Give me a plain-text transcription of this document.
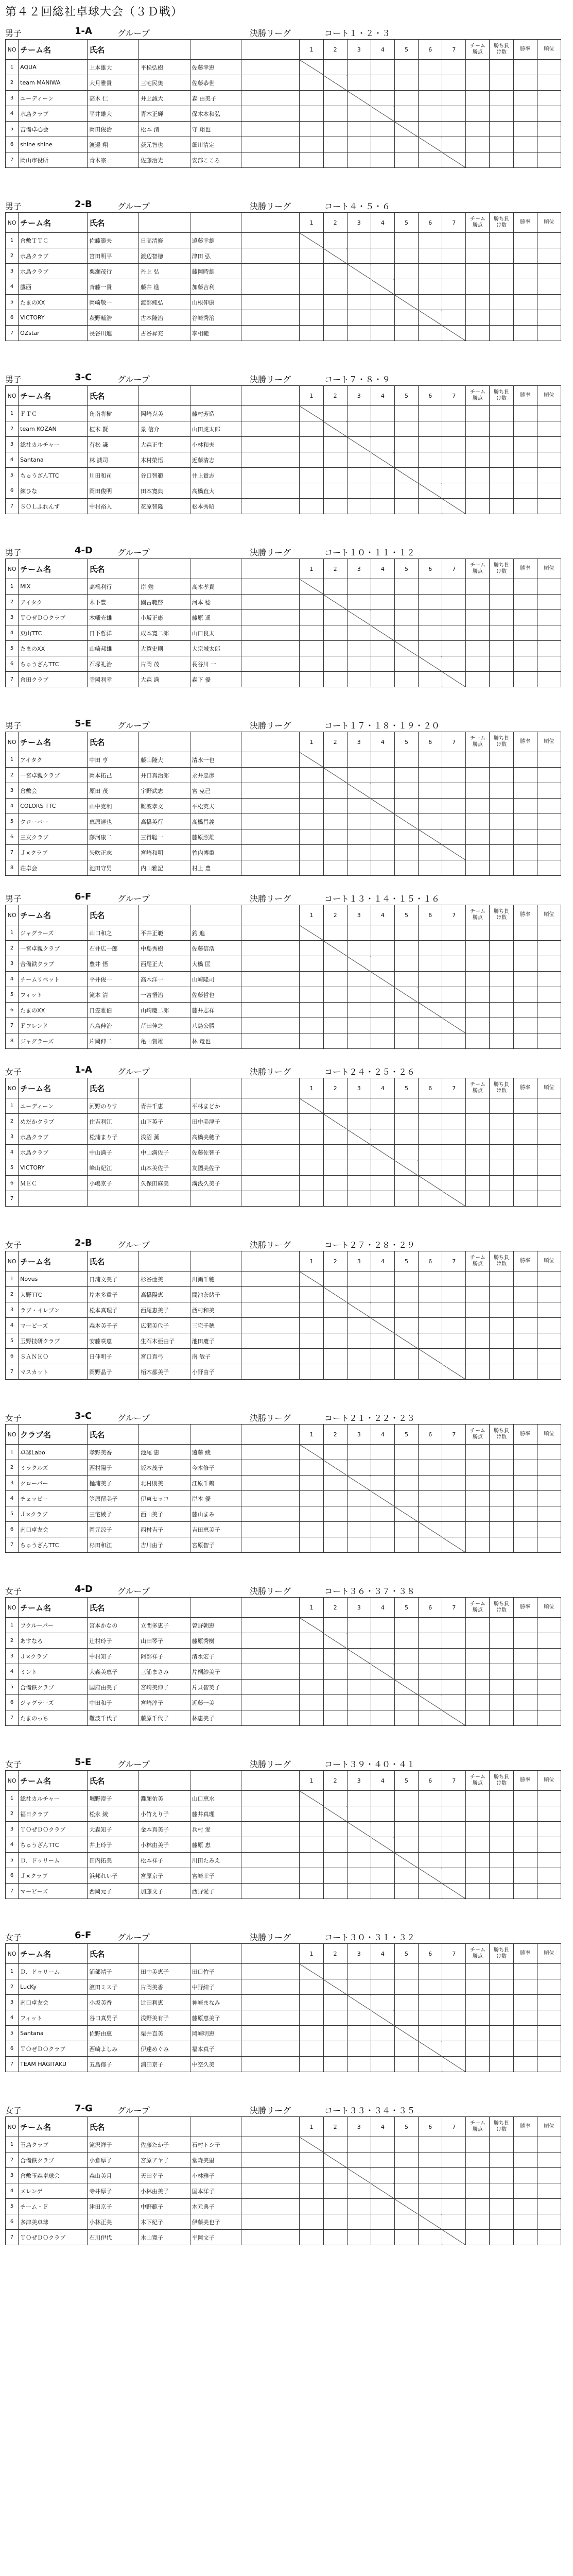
第４２回総社卓球大会（３Ｄ戦）
男子	1-A	グループ	決勝リーグ	コート１・２・３
NO	チーム名	氏名				1	2	3	4	5	6	7	チーム勝点	勝ち負け数	勝率	順位
1	AQUA	上本雄大	平松弘樹	佐藤幸恵												
2	team MANIWA	大月雅貴	三宅民奥	佐藤恭世												
3	ユーディーン	高木 仁	井上誠大	森 由美子												
4	水島クラブ	平井雄大	青木正輝	保木本和弘												
5	吉備卓心会	岡田俊治	松本 清	守 翔也												
6	shine shine	渡邊 翔	荻元智也	細川清定												
7	岡山市役所	青木宗一	佐藤治光	安部こころ												
男子	2-B	グループ	決勝リーグ	コート４・５・６
NO	チーム名	氏名				1	2	3	4	5	6	7	チーム勝点	勝ち負け数	勝率	順位
1	倉敷ＴＴＣ	佐藤範夫	日高清修	遠藤幸雄												
2	水島クラブ	宮田明平	渡辺智徳	津田 弘												
3	水島クラブ	栗瀬茂行	丹上 弘	藤岡時雄												
4	鷹西	斉藤一貴	藤井 進	加藤吉利												
5	たまのXX	岡崎敬一	渡部純弘	山根伸康												
6	VICTORY	萩野輔浩	古本隆治	谷崎秀治												
7	OZstar	長谷川進	古谷昇充	李相範												
男子	3-C	グループ	決勝リーグ	コート７・８・９
NO	チーム名	氏名				1	2	3	4	5	6	7	チーム勝点	勝ち負け数	勝率	順位
1	ＦＴＣ	角南将樹	岡崎克美	藤村芳造												
2	team KOZAN	植木 賢	景 信介	山田虎太郎												
3	総社カルチャー	有松 謙	大森正生	小林和夫												
4	Santana	林 誠司	木村榮悟	近藤清志												
5	ちゅうざんTTC	川田和司	谷口智範	井上貴志												
6	練ひな	岡田俊明	田本寛典	高橋直大												
7	ＳＯＬふれんず	中村裕人	花原智隆	松本秀昭												
男子	4-D	グループ	決勝リーグ	コート１０・１１・１２
NO	チーム名	氏名				1	2	3	4	5	6	7	チーム勝点	勝ち負け数	勝率	順位
1	MIX	高橋利行	岸 勉	高本孝貴												
2	アイタク	木下豊一	園古範啓	河本 稔												
3	ＴＯぜＤＯクラブ	木幡充雄	小坂正康	藤原 遥												
4	東山TTC	日下哲洋	成本寛二郎	山口良太												
5	たまのXX	山崎邦雄	大賀史則	大宗城太郎												
6	ちゅうざんTTC	石塚礼治	片岡 茂	長谷川 一												
7	倉田クラブ	寺岡利幸	大森 満	森下 優												
男子	5-E	グループ	決勝リーグ	コート１７・１８・１９・２０
NO	チーム名	氏名				1	2	3	4	5	6	7	チーム勝点	勝ち負け数	勝率	順位
1	アイタク	中田 亨	藤山隆大	清水一也												
2	一宮卓親クラブ	岡本拓己	井口真治郎	永井忠彦												
3	倉敷会	原田 茂	宇野武志	宮 克己												
4	COLORS TTC	山中克利	難波孝文	平松英夫												
5	クローバー	恵原達也	高橋英行	高橋昌義												
6	三友クラブ	藤河康二	三得聡一	藤原照雄												
7	Ｊ×クラブ	矢吹正志	宮崎和明	竹内博重												
8	荘卓会	池田守男	内山雅記	村上 豊												
男子	6-F	グループ	決勝リーグ	コート１３・１４・１５・１６
NO	チーム名	氏名				1	2	3	4	5	6	7	チーム勝点	勝ち負け数	勝率	順位
1	ジャグラーズ	山口和之	平井正範	釣 進												
2	一宮卓親クラブ	石井広一郎	中島秀樹	佐藤信浩												
3	合備鉄クラブ	豊井 悟	西尾正大	大橋 匡												
4	チームリベット	平井俊一	高木洋一	山崎隆司												
5	フィット	滝本 清	一宮悟治	佐藤哲也												
6	たまのXX	日笠雅伯	山崎慶二郎	藤井志祥												
7	Ｆフレンド	八島伸治	芹田伸之	八島公勝												
8	ジャグラーズ	片岡伸二	亀山賀雄	林 竜也												
女子	1-A	グループ	決勝リーグ	コート２４・２５・２６
NO	チーム名	氏名				1	2	3	4	5	6	7	チーム勝点	勝ち負け数	勝率	順位
1	ユーディーン	河野のりす	青井千恵	平林まどか												
2	めだかクラブ	住吉利江	山下英子	田中美津子												
3	水島クラブ	松浦まり子	浅沼 薫	高橋美穂子												
4	水島クラブ	中山満子	中山満佐子	佐藤佐智子												
5	VICTORY	峰山紀江	山本美佐子	友國美佐子												
6	ＭＥＣ	小嶋京子	久保田麻美	溝浅久美子												
7																
女子	2-B	グループ	決勝リーグ	コート２７・２８・２９
NO	チーム名	氏名				1	2	3	4	5	6	7	チーム勝点	勝ち負け数	勝率	順位
1	Novus	日浦文美子	杉谷亜美	川瀬千穂												
2	大野TTC	岸本多重子	高橋陽恵	間池奈緒子												
3	ラブ・イレブン	松本真理子	西尾恵美子	西村和美												
4	マービーズ	森本美千子	広瀬美代子	三宅千穂												
5	玉野技研クラブ	安藤咲恵	生石木亜由子	池田慶子												
6	ＳＡＮＫＯ	日伸明子	宮口真弓	南 敏子												
7	マスカット	岡野晶子	栢木都美子	小野由子												
女子	3-C	グループ	決勝リーグ	コート２１・２２・２３
NO	クラブ名	氏名				1	2	3	4	5	6	7	チーム勝点	勝ち負け数	勝率	順位
1	卓球Labo	孝野美香	池尾 恵	遠藤 綾												
2	ミラクルズ	西村陽子	坂本茂子	今本修子												
3	クローバー	樋浦美子	北村則美	江原千鶴												
4	チェッピー	笠原留美子	伊東セッコ	岸本 優												
5	Ｊ×クラブ	三宅綾子	西山美子	藤山まみ												
6	南口卓友会	岡元涼子	西村吉子	吉田恵美子												
7	ちゅうざんTTC	杉田和江	吉川由子	宮原智子												
女子	4-D	グループ	決勝リーグ	コート３６・３７・３８
NO	チーム名	氏名				1	2	3	4	5	6	7	チーム勝点	勝ち負け数	勝率	順位
1	フクルーパー	宮本かなの	立間多恵子	曽野朝恵												
2	あすなろ	辻村玲子	山田琴子	藤原秀樹												
3	Ｊ×クラブ	中村知子	阿部祥子	清水宏子												
4	ミント	大森美恵子	三浦まさみ	片桐紗美子												
5	合備鉄クラブ	国府由美子	宮崎美伸子	片貝智英子												
6	ジャグラーズ	中田和子	宮崎淳子	近藤一美												
7	たまのっち	難波千代子	藤原千代子	林恵美子												
女子	5-E	グループ	決勝リーグ	コート３９・４０・４１
NO	チーム名	氏名				1	2	3	4	5	6	7	チーム勝点	勝ち負け数	勝率	順位
1	総社カルチャー	堀野澄子	灘顔佑美	山口恵水												
2	福日クラブ	松永 綾	小竹えり子	藤井真理												
3	ＴＯぜＤＯクラブ	大森知子	金本真美子	兵村 愛												
4	ちゅうざんTTC	井上玲子	小林由美子	藤原 恵												
5	Ｄ．ドゥリーム	田内拓美	松本祥子	川田たみえ												
6	Ｊ×クラブ	浜邦れい子	宮原京子	宮崎幸子												
7	マービーズ	西岡元子	加藤文子	西野愛子												
女子	6-F	グループ	決勝リーグ	コート３０・３１・３２
NO	チーム名	氏名				1	2	3	4	5	6	7	チーム勝点	勝ち負け数	勝率	順位
1	Ｄ．ドゥリーム	浦部靖子	田中美恵子	田口竹子												
2	LucKy	濱田ミス子	片岡美香	中野結子												
3	南口卓友会	小坂美香	辻田利恵	神崎まなみ												
4	フィット	谷口真男子	浅野美有子	藤原恵美子												
5	Santana	佐野由恵	栗井直美	岡崎明恵												
6	ＴＯぜＤＯクラブ	西崎よしみ	伊達めぐみ	福本真子												
7	TEAM HAGITAKU	五島郁子	浦田京子	中空久美												
女子	7-G	グループ	決勝リーグ	コート３３・３４・３５
NO	チーム名	氏名				1	2	3	4	5	6	7	チーム勝点	勝ち負け数	勝率	順位
1	玉島クラブ	滝沢祥子	佐藤たか子	石村トシ子												
2	合備鉄クラブ	小倉厚子	宮原アヤ子	堂森美里												
3	倉敷玉森卓球会	森山美月	天田幸子	小林雅子												
4	メレンゲ	寺井厚子	小林由美子	国本洋子												
5	チーム・Ｆ	津田京子	中野範子	木元典子												
6	多津美卓球	小林正美	木下紀子	伊藤美也子												
7	ＴＯぜＤＯクラブ	石川伊代	木山寛子	平岡文子												
